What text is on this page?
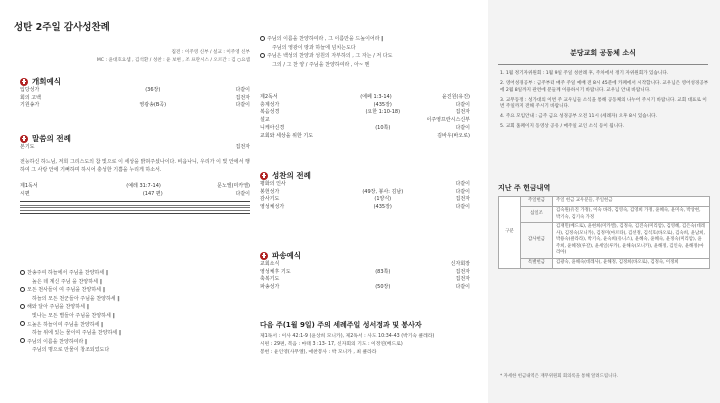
성탄 2주일 감사성찬례
집전 : 이주영 신부 / 설교 : 이주영 신부
MC : 윤대호요셉 , 김석환 / 성찬 : 윤 보현 , 조 프란시스 / 오르간 : 김 ○요셉
개회예식
입당성가	(36장)	다같이
회의 고백	집전자
기원송가	영광송(B곡)	다같이
말씀의 전례
본기도	집전자
전능하신 하느님, 저희 그리스도의 참 빛으로 이 세상을 밝혀주셨나이다. 비옵나니, 우리가 이 빛 안에서 행하여 그 사랑 안에 기뻐하며 하시어 충성한 기쁨을 누리게 하소서.
제1독서	(예레 31:7-14)	문노엘(미카엘)
시편	(147 편)	다같이
찬송주여 하늘에서 주님을 찬양하세 ‖
높은 데 계신 주님 을 찬양하세 ‖
모든 천사들이 여 주님을 찬양하세 ‖
하늘의 모든 천군들아 주님을 찬양하세 ‖
해와 달아 주님을 찬양하세 ‖
빛나는 모든 별들아 주님을 찬양하세 ‖
드높은 하늘이여 주님을 찬양하세 ‖
하늘 위에 있는 물이여 주님을 찬양하세 ‖
주님의 이름을 찬양하여라 ‖
주님의 명으로 만물이 창조되었도다
주님의 이름을 찬양하여라 , 그 이름만을 드높이어라 ‖
주님의 영광이 땅과 하늘에 넘치는도다
주님은 백성의 찬양과 성원의 자부하의 , 그 자는 / 저 다도
그의 / 그 찬 양 / 주님을 찬양하여라 , 아~ 멘
제2독서	(에페 1:3-14)	윤진원(유진)
층계성가	(435장)	다같이
복음성경	(요한 1:10-18)	집전자
설교	이주영프란시스신부
니케아신경	(10쪽)	다같이
교회와 세상을 위한 기도	김바우(바오로)
성찬의 전례
평화의 인사	다같이
봉헌성가	(49장, 봉사: 김남)	다같이
감사기도	(1양식)	집전자
영성체성가	(435장)	다같이
파송예식
교회소식	신자회장
영성체후 기도	(83쪽)	집전자
축복기도	집전자
파송성가	(50장)	다같이
다음 주(1월 9일) 주의 세례주일 성서정과 및 봉사자
제1독서 : 이사 42:1-9 (윤상희 모니카), 제2독서 : 사도 10:34-43 (박기숙 클레라)
시편 : 29편, 복음 : 마태 3 :13- 17, 신자회의 기도 : 이정연(베드로)
봉헌 : 윤인영(사무엘), 애찬봉사 : 박 모니카 , 최 클라라
분당교회 공동체 소식

1. 1월 정기자위원회 : 1월 9일 주일 성찬례 후, 주차에서 정기 자위원회가 있습니다.

2. 영어성경공부 : 금주부터 매주 주일 예배 전 8시 45분에 카페에서 시작합니다. 교우님은 영어성경공부에 2월 8일까지 관련에 분들께 이용하시기 바랍니다. 교우님 안내 바랍니다.

3. 교무동정 : 성가대의 이번 주 교우님들 소식을 통해 공동체의 나누어 주시기 바랍니다. 교회 대표로 이번 주일까지 전해 주시기 바랍니다.

4. 주요 모임안내 : 금주 금요 성경공부 오전 11시 (세례자) 오후 8시 있습니다.

5. 교회 홈페이지 동영상 공유 / 매주일 교인 소식 등이 됩니다.

지난 주 헌금내역
구분	주일헌금	주일 헌금 교우분들, 주일헌금
	십일조	김숙원(유진 가정), 이숙 바라, 김영숙, 김영희 가정, 윤혜숙, 윤미숙, 박상현, 박기숙, 김기숙 가정
	감사헌금	김재민(베드로), 윤현희(미카엘), 김정숙, 김진숙(미리암), 김영혜, 김은숙(데레사), 김정숙(모니카), 김정미(마르타), 김선정, 김석호(바오로), 김숙희, 윤남희, 박용숙(클라라), 박기숙, 윤숙희(유니스), 윤혜숙, 윤혜숙, 윤정숙(미리암), 윤주희, 윤혜정(루갈), 윤세일(루카), 윤해숙(모니카), 윤해정, 김인숙, 윤해정(마리아)
	특별헌금	김광숙, 윤해숙(데레사), 윤해정, 김정희(바오로), 김정숙, 이정희
* 자세한 헌금내역은 재무위원회 회의록을 통해 알려드립니다.
